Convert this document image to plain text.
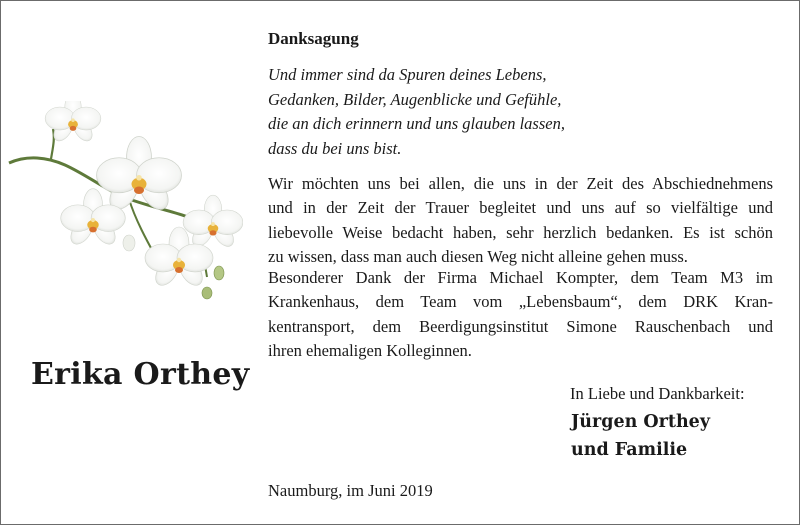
Erika Orthey
Danksagung
Und immer sind da Spuren deines Lebens,
Gedanken, Bilder, Augenblicke und Gefühle,
die an dich erinnern und uns glauben lassen,
dass du bei uns bist.
Wir möchten uns bei allen, die uns in der Zeit des Abschiednehmens
und in der Zeit der Trauer begleitet und uns auf so vielfältige und
liebevolle Weise bedacht haben, sehr herzlich bedanken. Es ist schön
zu wissen, dass man auch diesen Weg nicht alleine gehen muss.
Besonderer Dank der Firma Michael Kompter, dem Team M3 im
Krankenhaus, dem Team vom „Lebensbaum“, dem DRK Kran-
kentransport, dem Beerdigungsinstitut Simone Rauschenbach und
ihren ehemaligen Kolleginnen.
In Liebe und Dankbarkeit:
Jürgen Orthey
und Familie
Naumburg, im Juni 2019
